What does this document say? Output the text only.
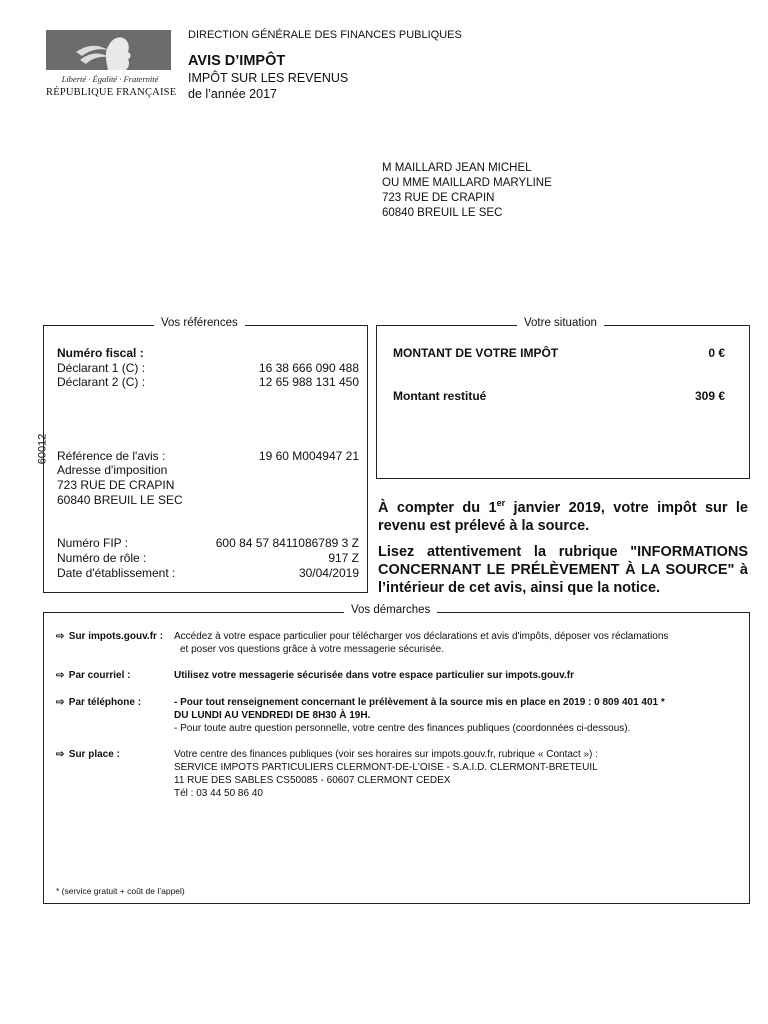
Liberté · Égalité · Fraternité
RÉPUBLIQUE FRANÇAISE
DIRECTION GÉNÉRALE DES FINANCES PUBLIQUES
AVIS D’IMPÔT
IMPÔT SUR LES REVENUS
de l’année 2017
M MAILLARD JEAN MICHEL
OU MME MAILLARD MARYLINE
723 RUE DE CRAPIN
60840 BREUIL LE SEC
60012
Vos références
Numéro fiscal :
Déclarant 1 (C) :	16 38 666 090 488
Déclarant 2 (C) :	12 65 988 131 450
Référence de l'avis :	19 60 M004947 21
Adresse d'imposition
723 RUE DE CRAPIN
60840 BREUIL LE SEC
Numéro FIP :	600 84 57 8411086789 3 Z
Numéro de rôle :	917 Z
Date d'établissement :	30/04/2019
Votre situation
MONTANT DE VOTRE IMPÔT	0 €
Montant restitué	309 €

À compter du 1er janvier 2019, votre impôt sur le revenu est prélevé à la source.

Lisez attentivement la rubrique "INFORMATIONS CONCERNANT LE PRÉLÈVEMENT À LA SOURCE" à l’intérieur de cet avis, ainsi que la notice.

Vos démarches
⇨ Sur impots.gouv.fr : Accédez à votre espace particulier pour télécharger vos déclarations et avis d'impôts, déposer vos réclamations
et poser vos questions grâce à votre messagerie sécurisée.
⇨ Par courriel :	Utilisez votre messagerie sécurisée dans votre espace particulier sur impots.gouv.fr
⇨ Par téléphone :	- Pour tout renseignement concernant le prélèvement à la source mis en place en 2019 : 0 809 401 401 *
DU LUNDI AU VENDREDI DE 8H30 À 19H.
- Pour toute autre question personnelle, votre centre des finances publiques (coordonnées ci-dessous).
⇨ Sur place :	Votre centre des finances publiques (voir ses horaires sur impots.gouv.fr, rubrique « Contact ») :
SERVICE IMPOTS PARTICULIERS CLERMONT-DE-L'OISE - S.A.I.D. CLERMONT-BRETEUIL
11 RUE DES SABLES CS50085 - 60607 CLERMONT CEDEX
Tél : 03 44 50 86 40
* (service gratuit + coût de l’appel)
